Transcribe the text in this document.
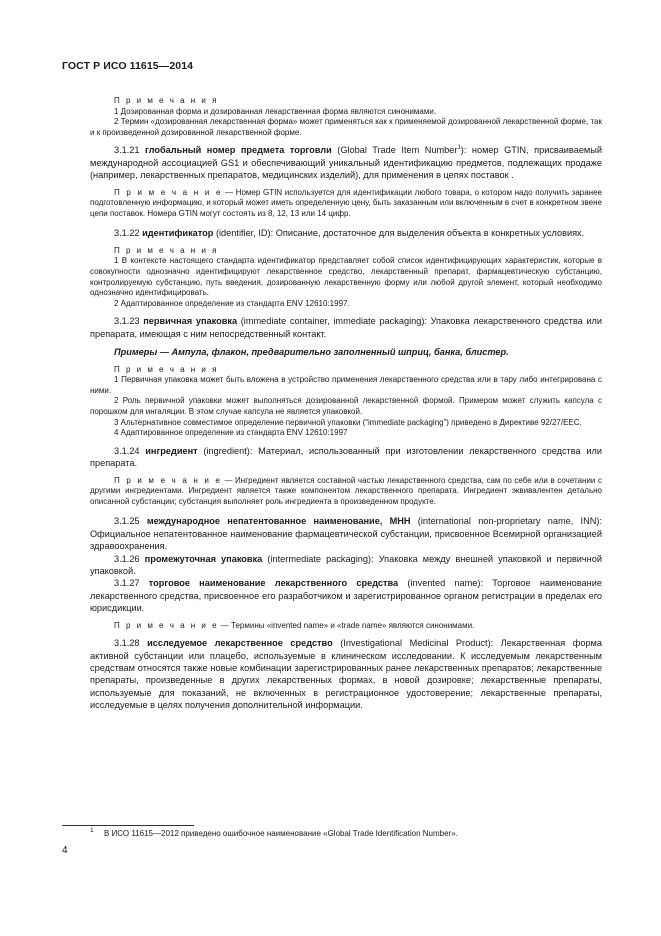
ГОСТ Р ИСО 11615—2014

П р и м е ч а н и я

1 Дозированная форма и дозированная лекарственная форма являются синонимами.

2 Термин «дозированная лекарственная форма» может применяться как к применяемой дозированной лекарственной форме, так и к произведенной дозированной лекарственной форме.

3.1.21 глобальный номер предмета торговли (Global Trade Item Number$^1$): номер GTIN, присваиваемый международной ассоциацией GS1 и обеспечивающий уникальный идентификацию предметов, подлежащих продаже (например, лекарственных препаратов, медицинских изделий), для применения в цепях поставок .

П р и м е ч а н и е — Номер GTIN используется для идентификации любого товара, о котором надо получить заранее подготовленную информацию, и который может иметь определенную цену, быть заказанным или включенным в счет в конкретном звене цепи поставок. Номера GTIN могут состоять из 8, 12, 13 или 14 цифр.

3.1.22 идентификатор (identifier, ID): Описание, достаточное для выделения объекта в конкретных условиях.

П р и м е ч а н и я

1 В контексте настоящего стандарта идентификатор представляет собой список идентифицирующих характеристик, которые в совокупности однозначно идентифицируют лекарственное средство, лекарственный препарат, фармацевтическую субстанцию, контролируемую субстанцию, путь введения, дозированную лекарственную форму или любой другой элемент, который необходимо однозначно идентифицировать.

2 Адаптированное определение из стандарта ENV 12610:1997.

3.1.23 первичная упаковка (immediate container, immediate packaging): Упаковка лекарственного средства или препарата, имеющая с ним непосредственный контакт.

Примеры — Ампула, флакон, предварительно заполненный шприц, банка, блистер.

П р и м е ч а н и я

1 Первичная упаковка может быть вложена в устройство применения лекарственного средства или в тару либо интегрирована с ними.

2 Роль первичной упаковки может выполняться дозированной лекарственной формой. Примером может служить капсула с порошком для ингаляции. В этом случае капсула не является упаковкой.

3 Альтернативное совместимое определение первичной упаковки (“immediate packaging”) приведено в Директиве 92/27/EEC.

4 Адаптированное определение из стандарта ENV 12610:1997

3.1.24 ингредиент (ingredient): Материал, использованный при изготовлении лекарственного средства или препарата.

П р и м е ч а н и е — Ингредиент является составной частью лекарственного средства, сам по себе или в сочетании с другими ингредиентами. Ингредиент является также компонентом лекарственного препарата. Ингредиент эквивалентен детально описанной субстанции; субстанция выполняет роль ингредиента в произведенном продукте.

3.1.25 международное непатентованное наименование, МНН (international non-proprietary name, INN): Официальное непатентованное наименование фармацевтической субстанции, присвоенное Всемирной организацией здравоохранения.

3.1.26 промежуточная упаковка (intermediate packaging): Упаковка между внешней упаковкой и первичной упаковкой.

3.1.27 торговое наименование лекарственного средства (invented name): Торговое наименование лекарственного средства, присвоенное его разработчиком и зарегистрированное органом регистрации в пределах его юрисдикции.

П р и м е ч а н и е — Термины «invented name» и «trade name» являются синонимами.

3.1.28 исследуемое лекарственное средство (Investigational Medicinal Product): Лекарственная форма активной субстанции или плацебо, используемые в клиническом исследовании. К исследуемым лекарственным средствам относятся также новые комбинации зарегистрированных ранее лекарственных препаратов; лекарственные препараты, произведенные в других лекарственных формах, в новой дозировке; лекарственные препараты, используемые для показаний, не включенных в регистрационное удостоверение; лекарственные препараты, исследуемые в целях получения дополнительной информации.

1	В ИСО 11615—2012 приведено ошибочное наименование «Global Trade Identification Number».
4
